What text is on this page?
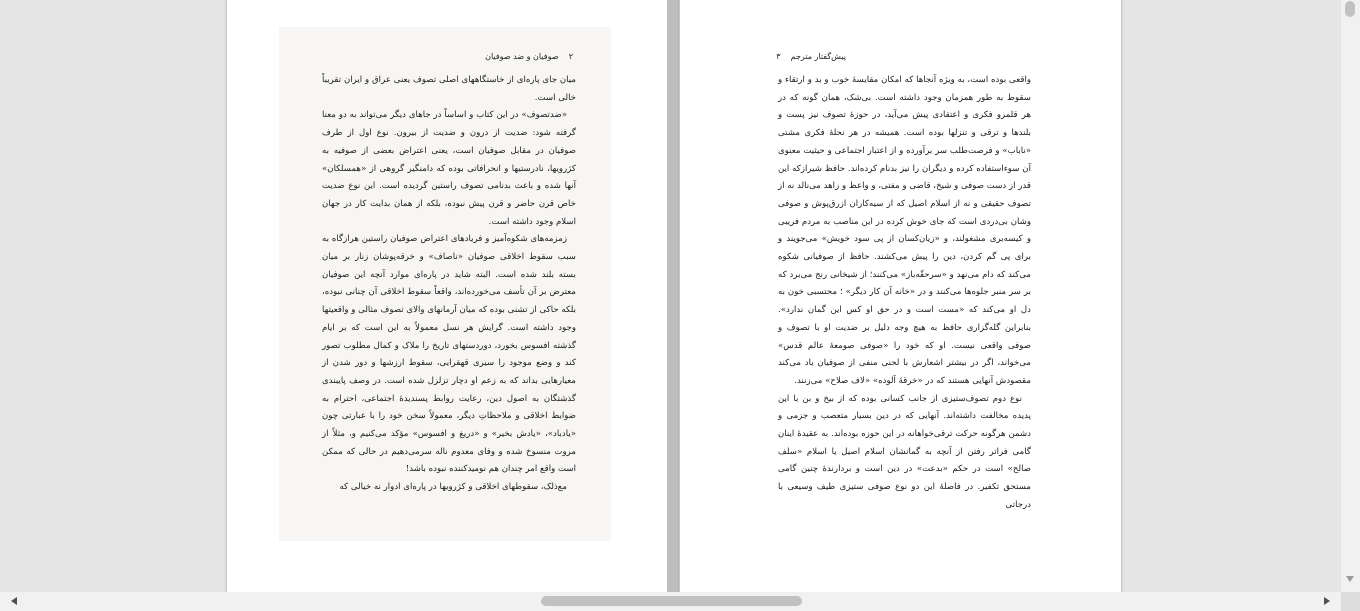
۲    صوفیان و ضد صوفیان

میان جای پاره‌ای از خاستگاههای اصلی تصوف یعنی عراق و ایران تقریباً خالی است.

«ضدتصوف» در این کتاب و اساساً در جاهای دیگر می‌تواند به دو معنا گرفته شود: ضدیت از درون و ضدیت از بیرون. نوع اول از طرف صوفیان در مقابل صوفیان است، یعنی اعتراض بعضی از صوفیه به کژرویها، نادرستیها و انحرافاتی بوده که دامنگیر گروهی از «همسلکان» آنها شده و باعث بدنامی تصوف راستین گردیده است. این نوع ضدیت خاص قرن حاضر و قرن پیش نبوده، بلکه از همان بدایت کار در جهان اسلام وجود داشته است.

زمزمه‌های شکوه‌آمیز و فریادهای اعتراض صوفیان راستین هرازگاه به سبب سقوط اخلاقی صوفیان «ناصاف» و خرقه‌پوشان زنار بر میان بسته بلند شده است. البته شاید در پاره‌ای موارد آنچه این صوفیان معترض بر آن تأسف می‌خورده‌اند، واقعاً سقوط اخلاقی آن چنانی نبوده، بلکه حاکی از تشنی بوده که میان آرمانهای والای تصوف مثالی و واقعیتها وجود داشته است. گرایش هر نسل معمولاً به این است که بر ایام گذشته افسوس بخورد، دوردستهای تاریخ را ملاک و کمال مطلوب تصور کند و وضع موجود را سیری قهقرایی، سقوط ارزشها و دور شدن از معیارهایی بداند که به زعم او دچار تزلزل شده است. در وصف پایبندی گذشتگان به اصول دین، رعایت روابط پسندیدهٔ اجتماعی، احترام به ضوابط اخلاقی و ملاحظاتِ دیگر، معمولاً سخن خود را با عبارتی چون «یادباد»، «یادش بخیر» و «دریغ و افسوس» مؤکد می‌کنیم و، مثلاً از مروت منسوخ شده و وفای معدوم ناله سرمی‌دهیم در حالی که ممکن است واقع امر چندان هم نومیدکننده نبوده باشد!

مع‌ذلک، سقوطهای اخلاقی و کژرویها در پاره‌ای ادوار نه خیالی که

پیش‌گفتار مترجم    ۳

واقعی بوده است، به ویژه آنجاها که امکان مقایسهٔ خوب و بد و ارتقاء و سقوط به طور همزمان وجود داشته است. بی‌شک، همان گونه که در هر قلمرو فکری و اعتقادی پیش می‌آید، در حوزهٔ تصوف نیز پست و بلندها و ترقی و تنزلها بوده است. همیشه در هر نحلهٔ فکری مشتی «ناباب» و فرصت‌طلب سر برآورده و از اعتبار اجتماعی و حیثیت معنوی آن سوءاستفاده کرده و دیگران را نیز بدنام کرده‌اند. حافظ شیرازکه این قدر از دست صوفی و شیخ، قاضی و مفتی، و واعظ و زاهد می‌نالد نه از تصوف حقیقی و نه از اسلام اصیل که از سیه‌کاران ازرق‌پوش و صوفی وشان بی‌دردی است که جای خوش کرده در این مناصب به مردم فریبی و کیسه‌بری مشغولند، و «زیان‌کسان از پی سود خویش» می‌جویند و برای پی گم کردن، دین را پیش می‌کشند. حافظ از صوفیانی شکوه می‌کند که دام می‌نهد و «سرحقّه‌باز» می‌کنند؛ از شیخانی رنج می‌برد که بر سر منبر جلوه‌ها می‌کنند و در «خانه آن کار دیگر» ؛ محتسبی خون به دل او می‌کند که «مست است و در حق او کس این گمان ندارد». بنابراین گله‌گزاری حافظ به هیچ وجه دلیل بر ضدیت او با تصوف و صوفی واقعی نیست. او که خود را «صوفی صومعهٔ عالم قدس» می‌خواند، اگر در بیشتر اشعارش با لحنی منفی از صوفیان یاد می‌کند مقصودش آنهایی هستند که در «خرقهٔ آلوده» «لاف صلاح» می‌زنند.

نوع دوم تصوف‌ستیزی از جانب کسانی بوده که از بیخ و بن با این پدیده مخالفت داشته‌اند. آنهایی که در دین بسیار متعصب و جزمی و دشمن هرگونه حرکت ترقی‌خواهانه در این حوزه بوده‌اند. به عقیدهٔ اینان گامی فراتر رفتن از آنچه به گمانشان اسلام اصیل یا اسلام «سلف صالح» است در حکم «بدعت» در دین است و بردارندهٔ چنین گامی مستحق تکفیر. در فاصلهٔ این دو نوع صوفی ستیزی طیف وسیعی با درجاتی
